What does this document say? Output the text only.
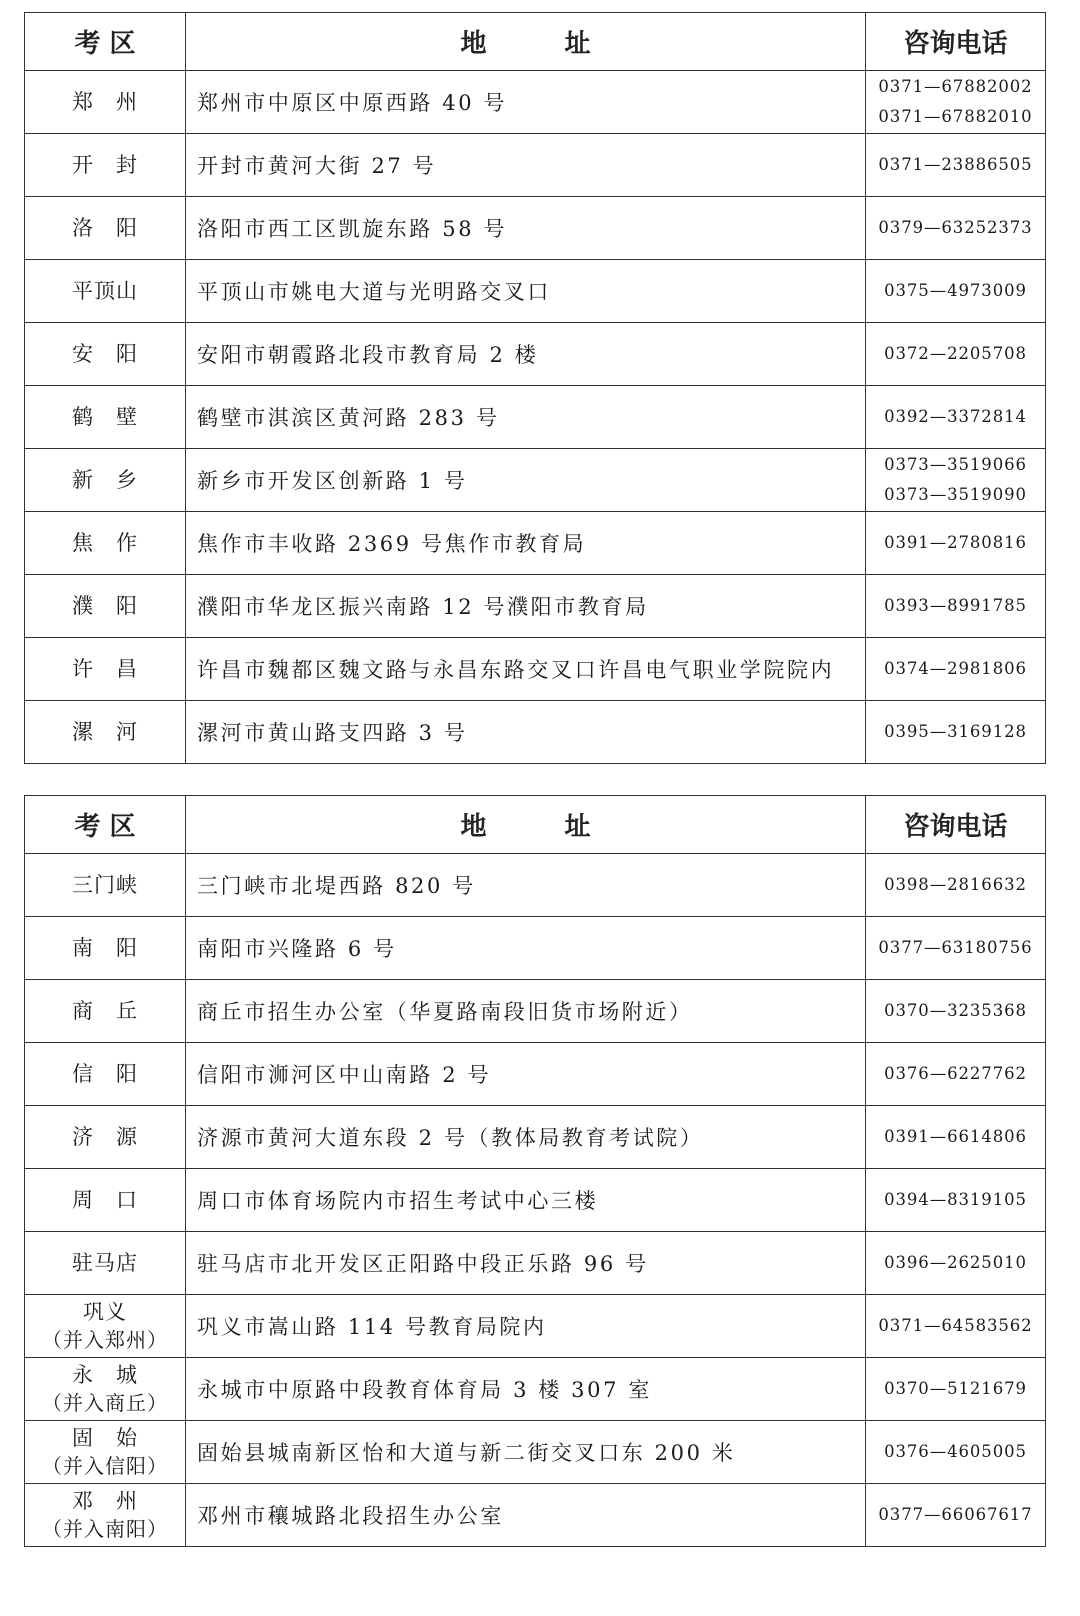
考 区	地　　　址	咨询电话

郑　州	郑州市中原区中原西路 40 号	0371—67882002
0371—67882010

开　封	开封市黄河大街 27 号	0371—23886505

洛　阳	洛阳市西工区凯旋东路 58 号	0379—63252373

平顶山	平顶山市姚电大道与光明路交叉口	0375—4973009

安　阳	安阳市朝霞路北段市教育局 2 楼	0372—2205708

鹤　壁	鹤壁市淇滨区黄河路 283 号	0392—3372814

新　乡	新乡市开发区创新路 1 号	0373—3519066
0373—3519090

焦　作	焦作市丰收路 2369 号焦作市教育局	0391—2780816

濮　阳	濮阳市华龙区振兴南路 12 号濮阳市教育局	0393—8991785

许　昌	许昌市魏都区魏文路与永昌东路交叉口许昌电气职业学院院内	0374—2981806

漯　河	漯河市黄山路支四路 3 号	0395—3169128
考 区	地　　　址	咨询电话

三门峡	三门峡市北堤西路 820 号	0398—2816632

南　阳	南阳市兴隆路 6 号	0377—63180756

商　丘	商丘市招生办公室（华夏路南段旧货市场附近）	0370—3235368

信　阳	信阳市浉河区中山南路 2 号	0376—6227762

济　源	济源市黄河大道东段 2 号（教体局教育考试院）	0391—6614806

周　口	周口市体育场院内市招生考试中心三楼	0394—8319105

驻马店	驻马店市北开发区正阳路中段正乐路 96 号	0396—2625010

巩义
（并入郑州）	巩义市嵩山路 114 号教育局院内	0371—64583562

永　城
（并入商丘）	永城市中原路中段教育体育局 3 楼 307 室	0370—5121679

固　始
（并入信阳）	固始县城南新区怡和大道与新二街交叉口东 200 米	0376—4605005

邓　州
（并入南阳）	邓州市穰城路北段招生办公室	0377—66067617
